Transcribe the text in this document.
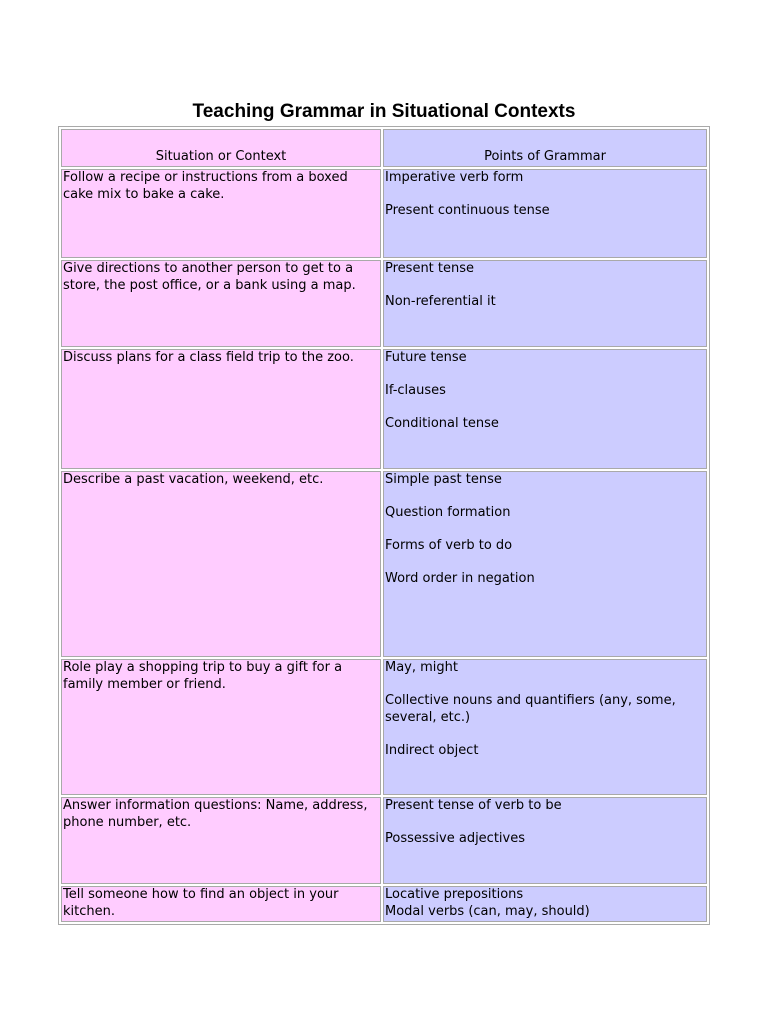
Teaching Grammar in Situational Contexts
Situation or Context	Points of Grammar

Follow a recipe or instructions from a boxed cake mix to bake a cake.	Imperative verb form
Present continuous tense

Give directions to another person to get to a store, the post office, or a bank using a map.	Present tense
Non-referential it

Discuss plans for a class field trip to the zoo.	Future tense
If-clauses
Conditional tense

Describe a past vacation, weekend, etc.	Simple past tense
Question formation
Forms of verb to do
Word order in negation

Role play a shopping trip to buy a gift for a family member or friend.	May, might
Collective nouns and quantifiers (any, some, several, etc.)
Indirect object

Answer information questions: Name, address, phone number, etc.	Present tense of verb to be
Possessive adjectives

Tell someone how to find an object in your kitchen.	Locative prepositions
Modal verbs (can, may, should)
